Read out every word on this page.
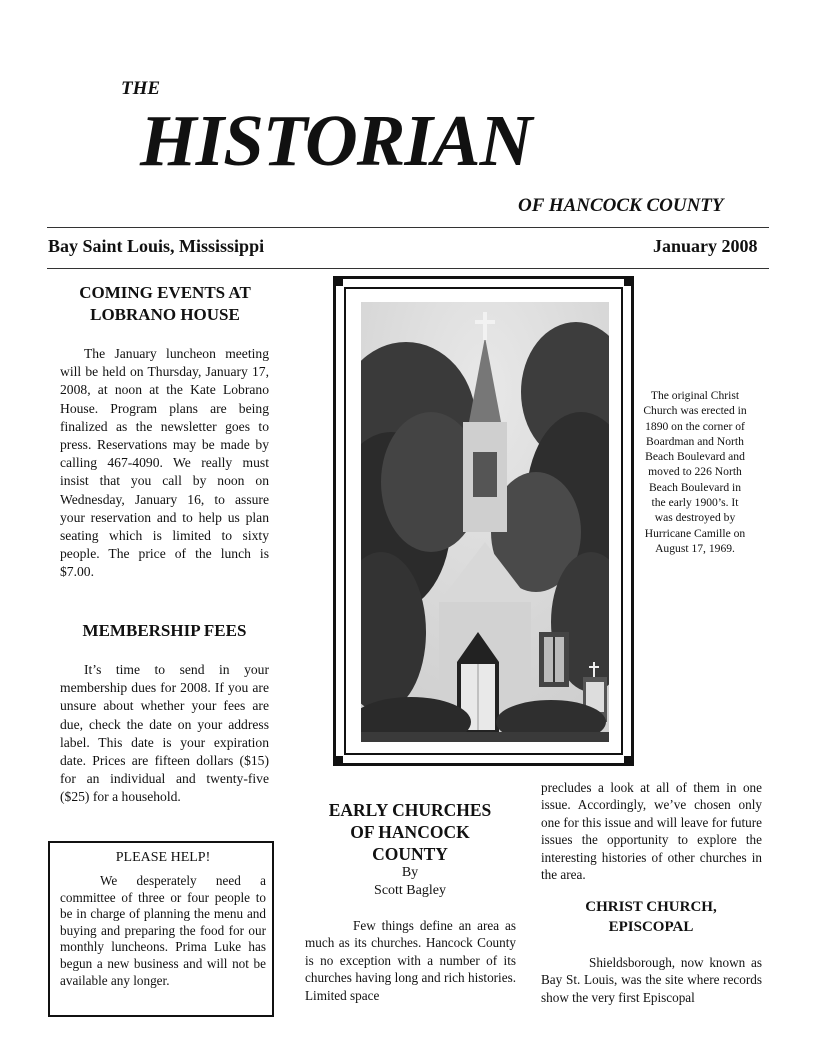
THE
HISTORIAN
OF HANCOCK COUNTY
Bay Saint Louis, Mississippi	January 2008
COMING EVENTS AT
LOBRANO HOUSE

The January luncheon meeting will be held on Thursday, January 17, 2008, at noon at the Kate Lobrano House. Program plans are being finalized as the newsletter goes to press. Reservations may be made by calling 467-4090. We really must insist that you call by noon on Wednesday, January 16, to assure your reservation and to help us plan seating which is limited to sixty people. The price of the lunch is $7.00.

MEMBERSHIP FEES

It’s time to send in your membership dues for 2008. If you are unsure about whether your fees are due, check the date on your address label. This date is your expiration date. Prices are fifteen dollars ($15) for an individual and twenty-five ($25) for a household.

PLEASE HELP!

We desperately need a committee of three or four people to be in charge of planning the menu and buying and preparing the food for our monthly luncheons. Prima Luke has begun a new business and will not be available any longer.

The original Christ Church was erected in 1890 on the corner of Boardman and North Beach Boulevard and moved to 226 North Beach Boulevard in the early 1900’s. It was destroyed by Hurricane Camille on August 17, 1969.
EARLY CHURCHES
OF HANCOCK
COUNTY
By
Scott Bagley

Few things define an area as much as its churches. Hancock County is no exception with a number of its churches having long and rich histories. Limited space

precludes a look at all of them in one issue. Accordingly, we’ve chosen only one for this issue and will leave for future issues the opportunity to explore the interesting histories of other churches in the area.

CHRIST CHURCH,
EPISCOPAL

Shieldsborough, now known as Bay St. Louis, was the site where records show the very first Episcopal
